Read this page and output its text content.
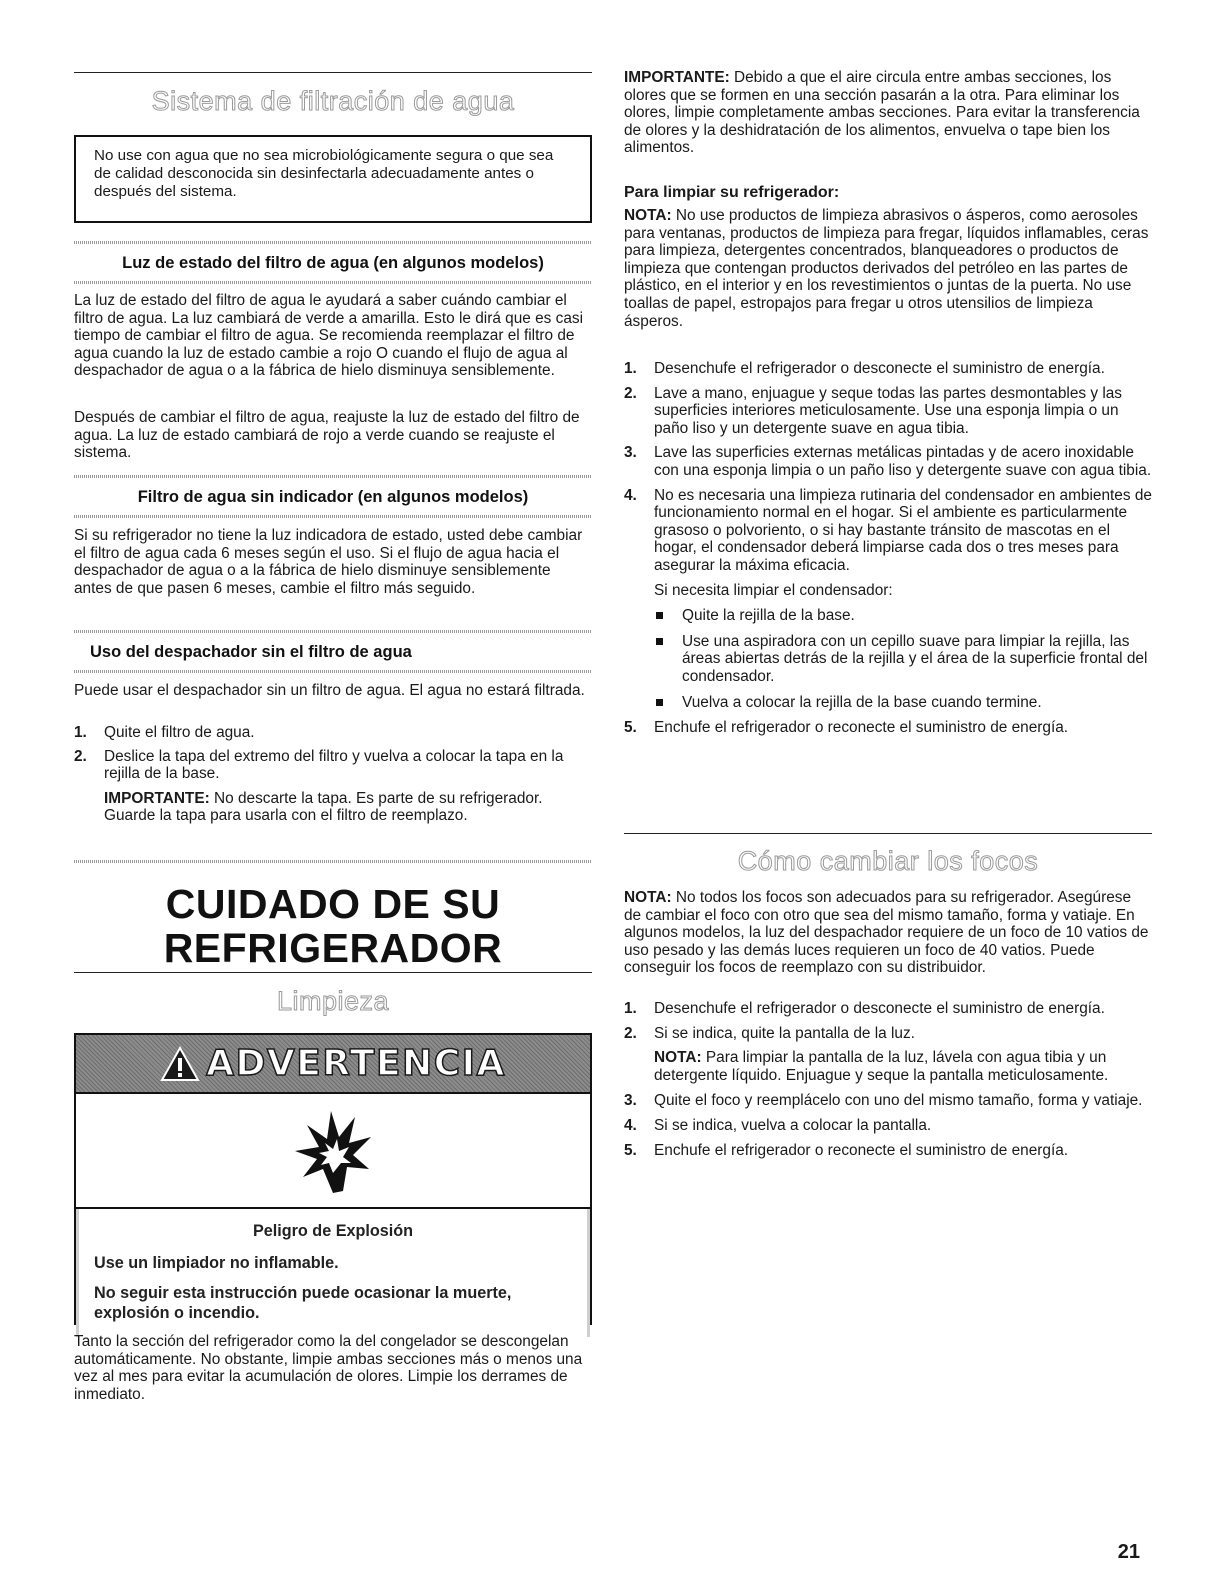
Sistema de filtración de agua

No use con agua que no sea microbiológicamente segura o que sea de calidad desconocida sin desinfectarla adecuadamente antes o después del sistema.

Luz de estado del filtro de agua (en algunos modelos)

La luz de estado del filtro de agua le ayudará a saber cuándo cambiar el filtro de agua. La luz cambiará de verde a amarilla. Esto le dirá que es casi tiempo de cambiar el filtro de agua. Se recomienda reemplazar el filtro de agua cuando la luz de estado cambie a rojo O cuando el flujo de agua al despachador de agua o a la fábrica de hielo disminuya sensiblemente.

Después de cambiar el filtro de agua, reajuste la luz de estado del filtro de agua. La luz de estado cambiará de rojo a verde cuando se reajuste el sistema.

Filtro de agua sin indicador (en algunos modelos)

Si su refrigerador no tiene la luz indicadora de estado, usted debe cambiar el filtro de agua cada 6 meses según el uso. Si el flujo de agua hacia el despachador de agua o a la fábrica de hielo disminuye sensiblemente antes de que pasen 6 meses, cambie el filtro más seguido.

Uso del despachador sin el filtro de agua

Puede usar el despachador sin un filtro de agua. El agua no estará filtrada.

1. Quite el filtro de agua.
2. Deslice la tapa del extremo del filtro y vuelva a colocar la tapa en la rejilla de la base.
IMPORTANTE: No descarte la tapa. Es parte de su refrigerador. Guarde la tapa para usarla con el filtro de reemplazo.
CUIDADO DE SU REFRIGERADOR
Limpieza
ADVERTENCIA
Peligro de Explosión
Use un limpiador no inflamable.
No seguir esta instrucción puede ocasionar la muerte, explosión o incendio.

Tanto la sección del refrigerador como la del congelador se descongelan automáticamente. No obstante, limpie ambas secciones más o menos una vez al mes para evitar la acumulación de olores. Limpie los derrames de inmediato.

IMPORTANTE: Debido a que el aire circula entre ambas secciones, los olores que se formen en una sección pasarán a la otra. Para eliminar los olores, limpie completamente ambas secciones. Para evitar la transferencia de olores y la deshidratación de los alimentos, envuelva o tape bien los alimentos.

Para limpiar su refrigerador:

NOTA: No use productos de limpieza abrasivos o ásperos, como aerosoles para ventanas, productos de limpieza para fregar, líquidos inflamables, ceras para limpieza, detergentes concentrados, blanqueadores o productos de limpieza que contengan productos derivados del petróleo en las partes de plástico, en el interior y en los revestimientos o juntas de la puerta. No use toallas de papel, estropajos para fregar u otros utensilios de limpieza ásperos.

1. Desenchufe el refrigerador o desconecte el suministro de energía.
2. Lave a mano, enjuague y seque todas las partes desmontables y las superficies interiores meticulosamente. Use una esponja limpia o un paño liso y un detergente suave en agua tibia.
3. Lave las superficies externas metálicas pintadas y de acero inoxidable con una esponja limpia o un paño liso y detergente suave con agua tibia.
4. No es necesaria una limpieza rutinaria del condensador en ambientes de funcionamiento normal en el hogar. Si el ambiente es particularmente grasoso o polvoriento, o si hay bastante tránsito de mascotas en el hogar, el condensador deberá limpiarse cada dos o tres meses para asegurar la máxima eficacia.
Si necesita limpiar el condensador:
Quite la rejilla de la base.
Use una aspiradora con un cepillo suave para limpiar la rejilla, las áreas abiertas detrás de la rejilla y el área de la superficie frontal del condensador.
Vuelva a colocar la rejilla de la base cuando termine.
5. Enchufe el refrigerador o reconecte el suministro de energía.
Cómo cambiar los focos

NOTA: No todos los focos son adecuados para su refrigerador. Asegúrese de cambiar el foco con otro que sea del mismo tamaño, forma y vatiaje. En algunos modelos, la luz del despachador requiere de un foco de 10 vatios de uso pesado y las demás luces requieren un foco de 40 vatios. Puede conseguir los focos de reemplazo con su distribuidor.

1. Desenchufe el refrigerador o desconecte el suministro de energía.
2. Si se indica, quite la pantalla de la luz.
NOTA: Para limpiar la pantalla de la luz, lávela con agua tibia y un detergente líquido. Enjuague y seque la pantalla meticulosamente.
3. Quite el foco y reemplácelo con uno del mismo tamaño, forma y vatiaje.
4. Si se indica, vuelva a colocar la pantalla.
5. Enchufe el refrigerador o reconecte el suministro de energía.
21
